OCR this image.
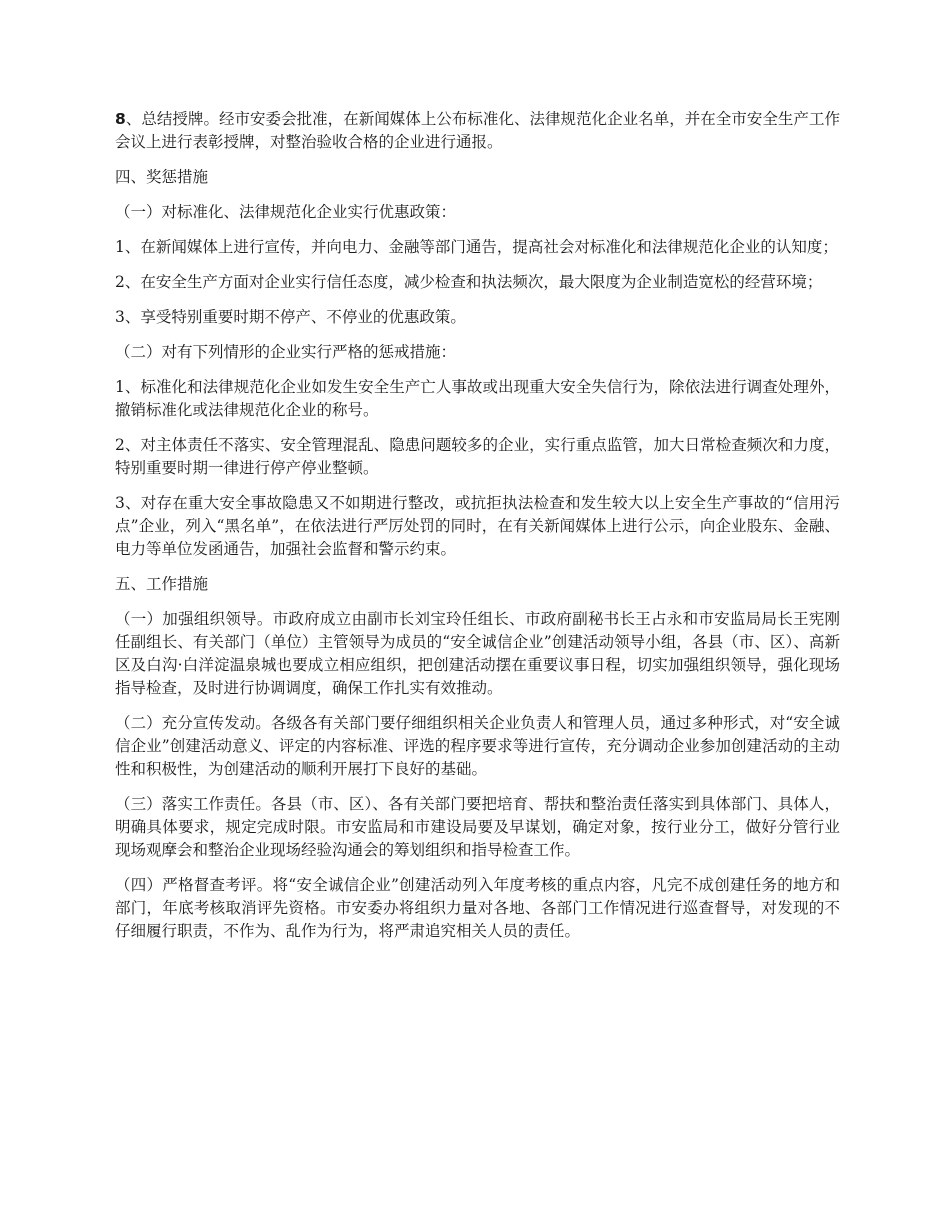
8、总结授牌。经市安委会批准，在新闻媒体上公布标准化、法律规范化企业名单，并在全市安全生产工作会议上进行表彰授牌，对整治验收合格的企业进行通报。

四、奖惩措施

（一）对标准化、法律规范化企业实行优惠政策：

1、在新闻媒体上进行宣传，并向电力、金融等部门通告，提高社会对标准化和法律规范化企业的认知度；

2、在安全生产方面对企业实行信任态度，减少检查和执法频次，最大限度为企业制造宽松的经营环境；

3、享受特别重要时期不停产、不停业的优惠政策。

（二）对有下列情形的企业实行严格的惩戒措施：

1、标准化和法律规范化企业如发生安全生产亡人事故或出现重大安全失信行为，除依法进行调查处理外，撤销标准化或法律规范化企业的称号。

2、对主体责任不落实、安全管理混乱、隐患问题较多的企业，实行重点监管，加大日常检查频次和力度，特别重要时期一律进行停产停业整顿。

3、对存在重大安全事故隐患又不如期进行整改，或抗拒执法检查和发生较大以上安全生产事故的“信用污点”企业，列入“黑名单”，在依法进行严厉处罚的同时，在有关新闻媒体上进行公示，向企业股东、金融、电力等单位发函通告，加强社会监督和警示约束。

五、工作措施

（一）加强组织领导。市政府成立由副市长刘宝玲任组长、市政府副秘书长王占永和市安监局局长王宪刚任副组长、有关部门（单位）主管领导为成员的“安全诚信企业”创建活动领导小组，各县（市、区）、高新区及白沟·白洋淀温泉城也要成立相应组织，把创建活动摆在重要议事日程，切实加强组织领导，强化现场指导检查，及时进行协调调度，确保工作扎实有效推动。

（二）充分宣传发动。各级各有关部门要仔细组织相关企业负责人和管理人员，通过多种形式，对“安全诚信企业”创建活动意义、评定的内容标准、评选的程序要求等进行宣传，充分调动企业参加创建活动的主动性和积极性，为创建活动的顺利开展打下良好的基础。

（三）落实工作责任。各县（市、区）、各有关部门要把培育、帮扶和整治责任落实到具体部门、具体人，明确具体要求，规定完成时限。市安监局和市建设局要及早谋划，确定对象，按行业分工，做好分管行业现场观摩会和整治企业现场经验沟通会的筹划组织和指导检查工作。

（四）严格督查考评。将“安全诚信企业”创建活动列入年度考核的重点内容，凡完不成创建任务的地方和部门，年底考核取消评先资格。市安委办将组织力量对各地、各部门工作情况进行巡查督导，对发现的不仔细履行职责，不作为、乱作为行为，将严肃追究相关人员的责任。
